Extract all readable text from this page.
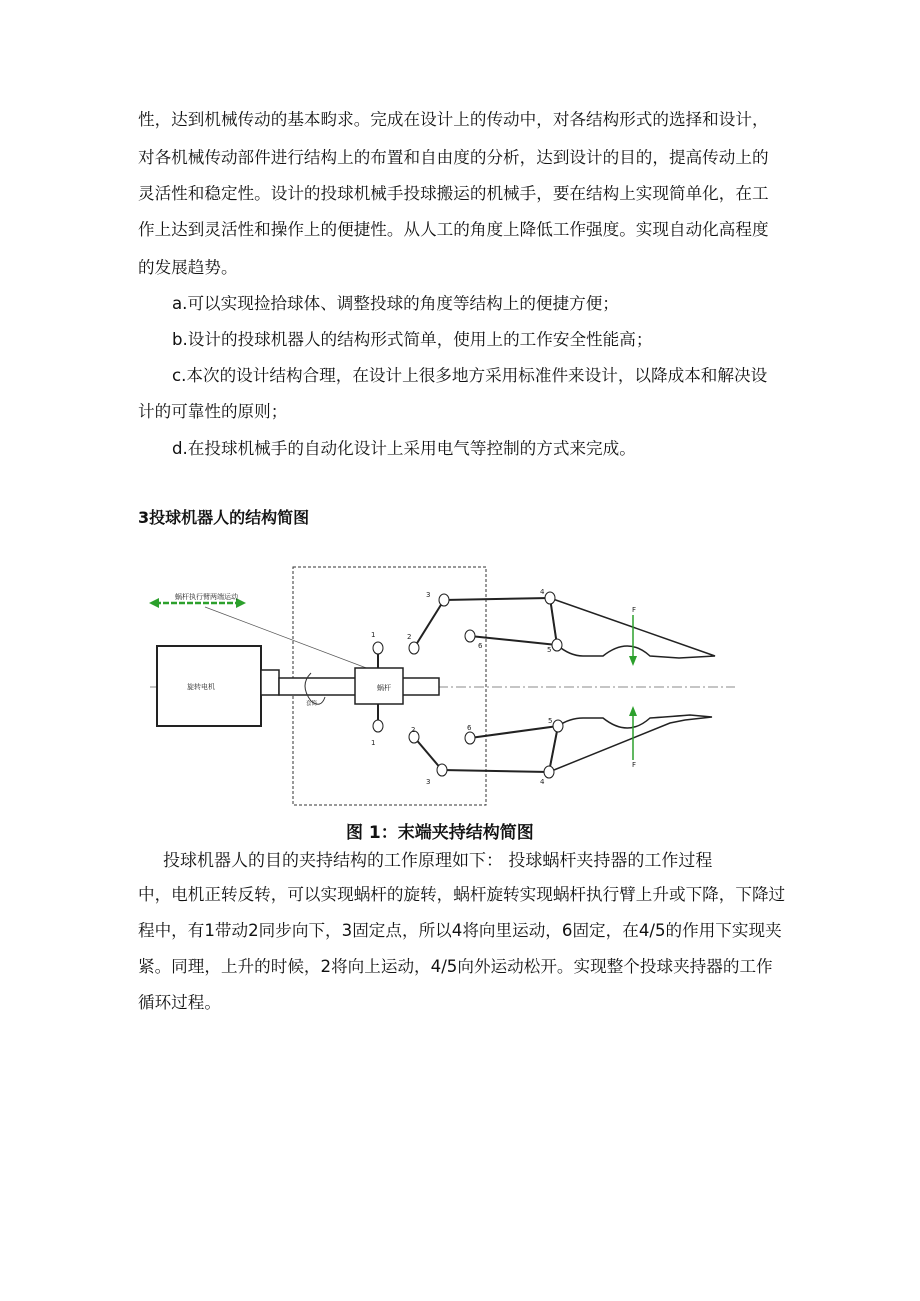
性，达到机械传动的基本畇求。完成在设计上的传动中，对各结构形式的选择和设计，
对各机械传动部件进行结构上的布置和自由度的分析，达到设计的目的，提高传动上的
灵活性和稳定性。设计的投球机械手投球搬运的机械手，要在结构上实现简单化，在工
作上达到灵活性和操作上的便捷性。从人工的角度上降低工作强度。实现自动化高程度
的发展趋势。
a.可以实现捡拾球体、调整投球的角度等结构上的便捷方便；
b.设计的投球机器人的结构形式简单，使用上的工作安全性能高；
c.本次的设计结构合理，在设计上很多地方采用标准件来设计，以降成本和解决设
计的可靠性的原则；
d.在投球机械手的自动化设计上采用电气等控制的方式来完成。
3投球机器人的结构简图
蜗杆执行臂两端运动
旋转电机
套筒
蜗杆
F
F
1	2
3	4
5
6
1
2
3	4
5
6
图 1：末端夹持结构简图
投球机器人的目的夹持结构的工作原理如下： 投球蜗杆夹持器的工作过程
中，电机正转反转，可以实现蜗杆的旋转，蜗杆旋转实现蜗杆执行臂上升或下降，下降过
程中，有1带动2同步向下，3固定点，所以4将向里运动，6固定，在4/5的作用下实现夹
紧。同理，上升的时候，2将向上运动，4/5向外运动松开。实现整个投球夹持器的工作
循环过程。
